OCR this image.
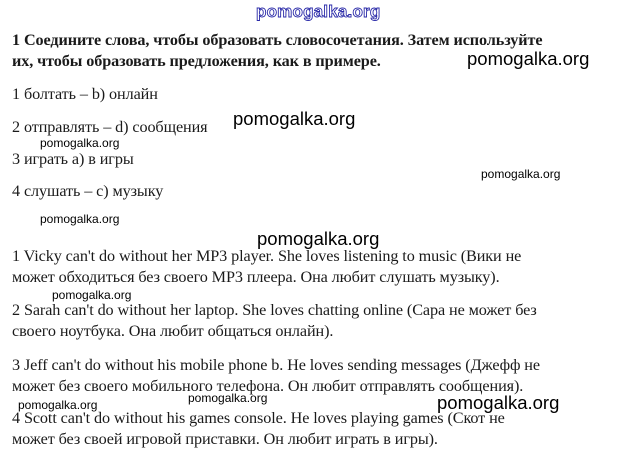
pomogalka.org
1 Соедините слова, чтобы образовать словосочетания. Затем используйте
их, чтобы образовать предложения, как в примере.	pomogalka.org
1 болтать – b) онлайн
2 отправлять – d) сообщения pomogalka.org
pomogalka.org
3 играть a) в игры
pomogalka.org
4 слушать – c) музыку
pomogalka.org
pomogalka.org
1 Vicky can't do without her MP3 player. She loves listening to music (Вики не
может обходиться без своего MP3 плеера. Она любит слушать музыку).
pomogalka.org
2 Sarah can't do without her laptop. She loves chatting online (Сара не может без
своего ноутбука. Она любит общаться онлайн).
3 Jeff can't do without his mobile phone b. He loves sending messages (Джефф не
может без своего мобильного телефона. Он любит отправлять сообщения).
pomogalka.org
pomogalka.org
pomogalka.org
4 Scott can't do without his games console. He loves playing games (Скот не
может без своей игровой приставки. Он любит играть в игры).
